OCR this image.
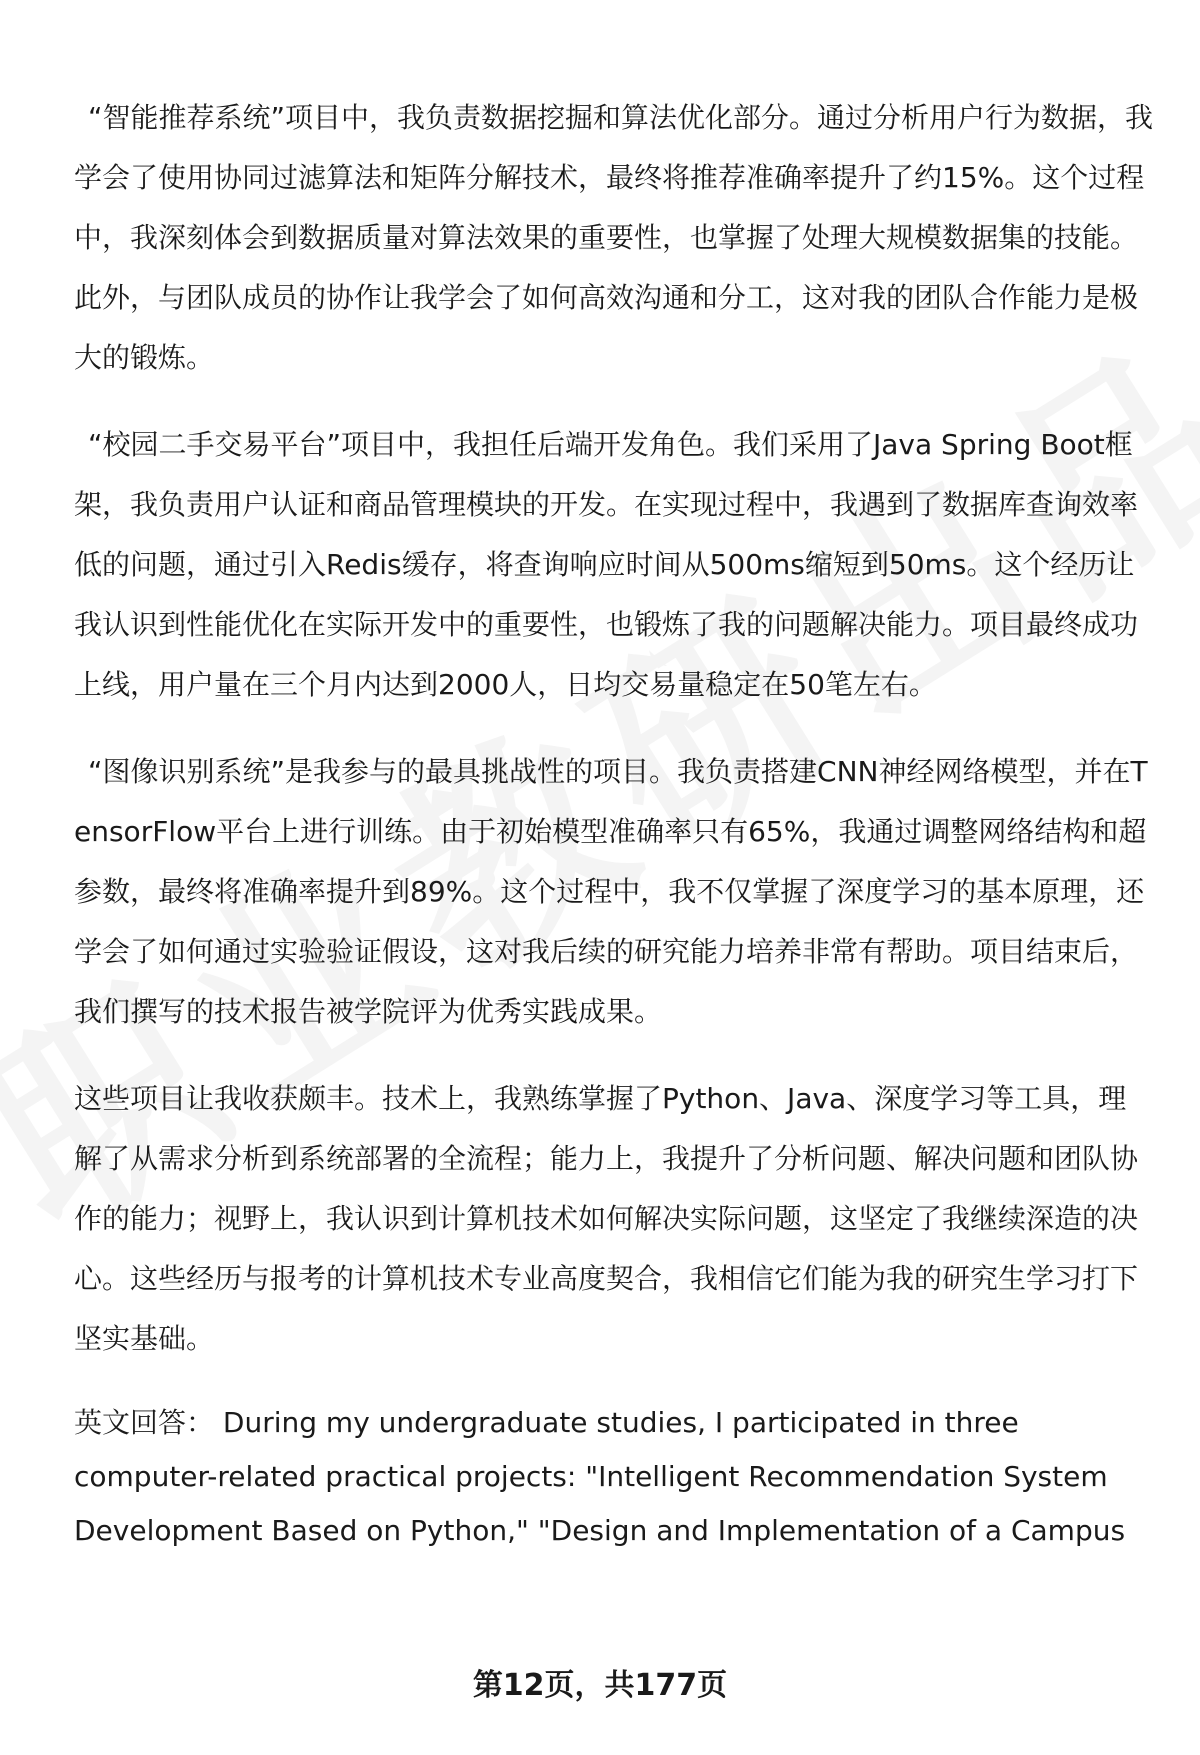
“智能推荐系统”项目中，我负责数据挖掘和算法优化部分。通过分析用户行为数据，我学会了使用协同过滤算法和矩阵分解技术，最终将推荐准确率提升了约15%。这个过程中，我深刻体会到数据质量对算法效果的重要性，也掌握了处理大规模数据集的技能。此外，与团队成员的协作让我学会了如何高效沟通和分工，这对我的团队合作能力是极大的锻炼。

“校园二手交易平台”项目中，我担任后端开发角色。我们采用了Java Spring Boot框架，我负责用户认证和商品管理模块的开发。在实现过程中，我遇到了数据库查询效率低的问题，通过引入Redis缓存，将查询响应时间从500ms缩短到50ms。这个经历让我认识到性能优化在实际开发中的重要性，也锻炼了我的问题解决能力。项目最终成功上线，用户量在三个月内达到2000人，日均交易量稳定在50笔左右。

“图像识别系统”是我参与的最具挑战性的项目。我负责搭建CNN神经网络模型，并在TensorFlow平台上进行训练。由于初始模型准确率只有65%，我通过调整网络结构和超参数，最终将准确率提升到89%。这个过程中，我不仅掌握了深度学习的基本原理，还学会了如何通过实验验证假设，这对我后续的研究能力培养非常有帮助。项目结束后，我们撰写的技术报告被学院评为优秀实践成果。

这些项目让我收获颇丰。技术上，我熟练掌握了Python、Java、深度学习等工具，理解了从需求分析到系统部署的全流程；能力上，我提升了分析问题、解决问题和团队协作的能力；视野上，我认识到计算机技术如何解决实际问题，这坚定了我继续深造的决心。这些经历与报考的计算机技术专业高度契合，我相信它们能为我的研究生学习打下坚实基础。

英文回答： During my undergraduate studies, I participated in three computer-related practical projects: "Intelligent Recommendation System Development Based on Python," "Design and Implementation of a Campus

第12页，共177页
